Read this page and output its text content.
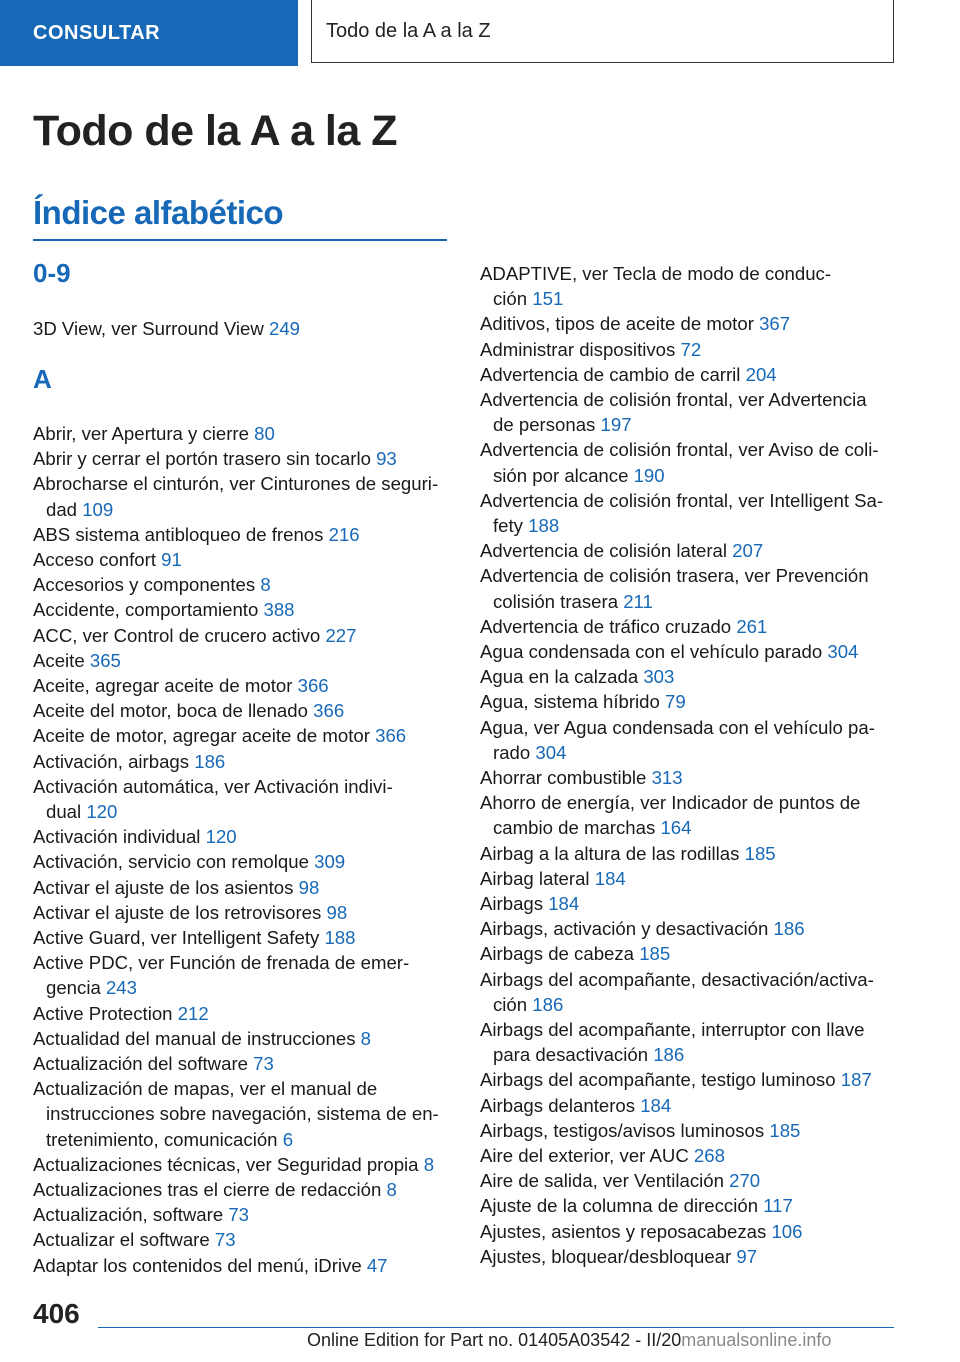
CONSULTAR	Todo de la A a la Z
Todo de la A a la Z
Índice alfabético
0-9
3D View, ver Surround View 249
A
Abrir, ver Apertura y cierre 80
Abrir y cerrar el portón trasero sin tocarlo 93
Abrocharse el cinturón, ver Cinturones de seguri-
dad 109
ABS sistema antibloqueo de frenos 216
Acceso confort 91
Accesorios y componentes 8
Accidente, comportamiento 388
ACC, ver Control de crucero activo 227
Aceite 365
Aceite, agregar aceite de motor 366
Aceite del motor, boca de llenado 366
Aceite de motor, agregar aceite de motor 366
Activación, airbags 186
Activación automática, ver Activación indivi-
dual 120
Activación individual 120
Activación, servicio con remolque 309
Activar el ajuste de los asientos 98
Activar el ajuste de los retrovisores 98
Active Guard, ver Intelligent Safety 188
Active PDC, ver Función de frenada de emer-
gencia 243
Active Protection 212
Actualidad del manual de instrucciones 8
Actualización del software 73
Actualización de mapas, ver el manual de
instrucciones sobre navegación, sistema de en-
tretenimiento, comunicación 6
Actualizaciones técnicas, ver Seguridad propia 8
Actualizaciones tras el cierre de redacción 8
Actualización, software 73
Actualizar el software 73
Adaptar los contenidos del menú, iDrive 47
ADAPTIVE, ver Tecla de modo de conduc-
ción 151
Aditivos, tipos de aceite de motor 367
Administrar dispositivos 72
Advertencia de cambio de carril 204
Advertencia de colisión frontal, ver Advertencia
de personas 197
Advertencia de colisión frontal, ver Aviso de coli-
sión por alcance 190
Advertencia de colisión frontal, ver Intelligent Sa-
fety 188
Advertencia de colisión lateral 207
Advertencia de colisión trasera, ver Prevención
colisión trasera 211
Advertencia de tráfico cruzado 261
Agua condensada con el vehículo parado 304
Agua en la calzada 303
Agua, sistema híbrido 79
Agua, ver Agua condensada con el vehículo pa-
rado 304
Ahorrar combustible 313
Ahorro de energía, ver Indicador de puntos de
cambio de marchas 164
Airbag a la altura de las rodillas 185
Airbag lateral 184
Airbags 184
Airbags, activación y desactivación 186
Airbags de cabeza 185
Airbags del acompañante, desactivación/activa-
ción 186
Airbags del acompañante, interruptor con llave
para desactivación 186
Airbags del acompañante, testigo luminoso 187
Airbags delanteros 184
Airbags, testigos/avisos luminosos 185
Aire del exterior, ver AUC 268
Aire de salida, ver Ventilación 270
Ajuste de la columna de dirección 117
Ajustes, asientos y reposacabezas 106
Ajustes, bloquear/desbloquear 97
406
Online Edition for Part no. 01405A03542 - II/20manualsonline.info
